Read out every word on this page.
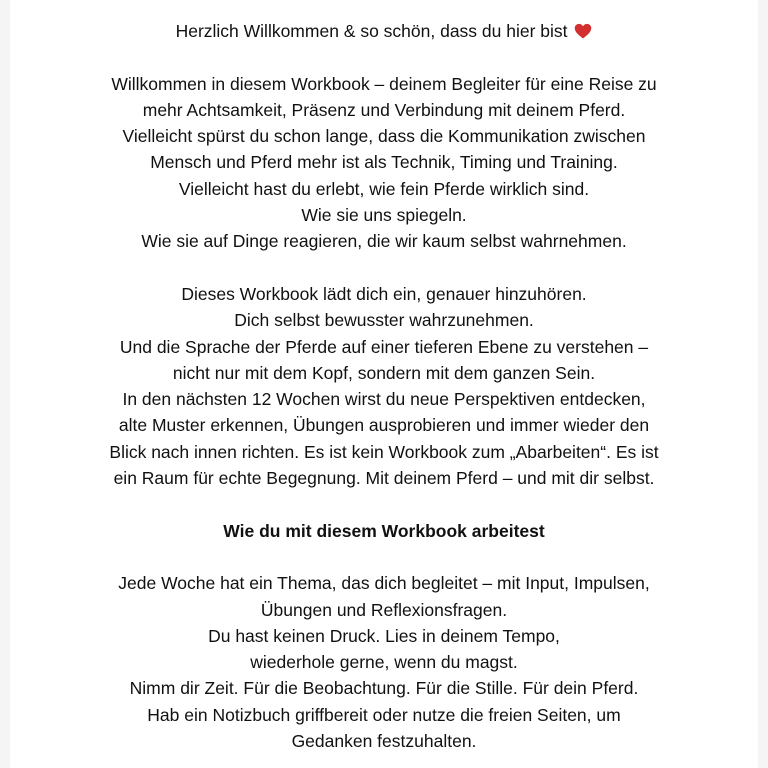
Herzlich Willkommen & so schön, dass du hier bist
Willkommen in diesem Workbook – deinem Begleiter für eine Reise zu
mehr Achtsamkeit, Präsenz und Verbindung mit deinem Pferd.
Vielleicht spürst du schon lange, dass die Kommunikation zwischen
Mensch und Pferd mehr ist als Technik, Timing und Training.
Vielleicht hast du erlebt, wie fein Pferde wirklich sind.
Wie sie uns spiegeln.
Wie sie auf Dinge reagieren, die wir kaum selbst wahrnehmen.
Dieses Workbook lädt dich ein, genauer hinzuhören.
Dich selbst bewusster wahrzunehmen.
Und die Sprache der Pferde auf einer tieferen Ebene zu verstehen –
nicht nur mit dem Kopf, sondern mit dem ganzen Sein.
In den nächsten 12 Wochen wirst du neue Perspektiven entdecken,
alte Muster erkennen, Übungen ausprobieren und immer wieder den
Blick nach innen richten. Es ist kein Workbook zum „Abarbeiten“. Es ist
ein Raum für echte Begegnung. Mit deinem Pferd – und mit dir selbst.
Wie du mit diesem Workbook arbeitest
Jede Woche hat ein Thema, das dich begleitet – mit Input, Impulsen,
Übungen und Reflexionsfragen.
Du hast keinen Druck. Lies in deinem Tempo,
wiederhole gerne, wenn du magst.
Nimm dir Zeit. Für die Beobachtung. Für die Stille. Für dein Pferd.
Hab ein Notizbuch griffbereit oder nutze die freien Seiten, um
Gedanken festzuhalten.
